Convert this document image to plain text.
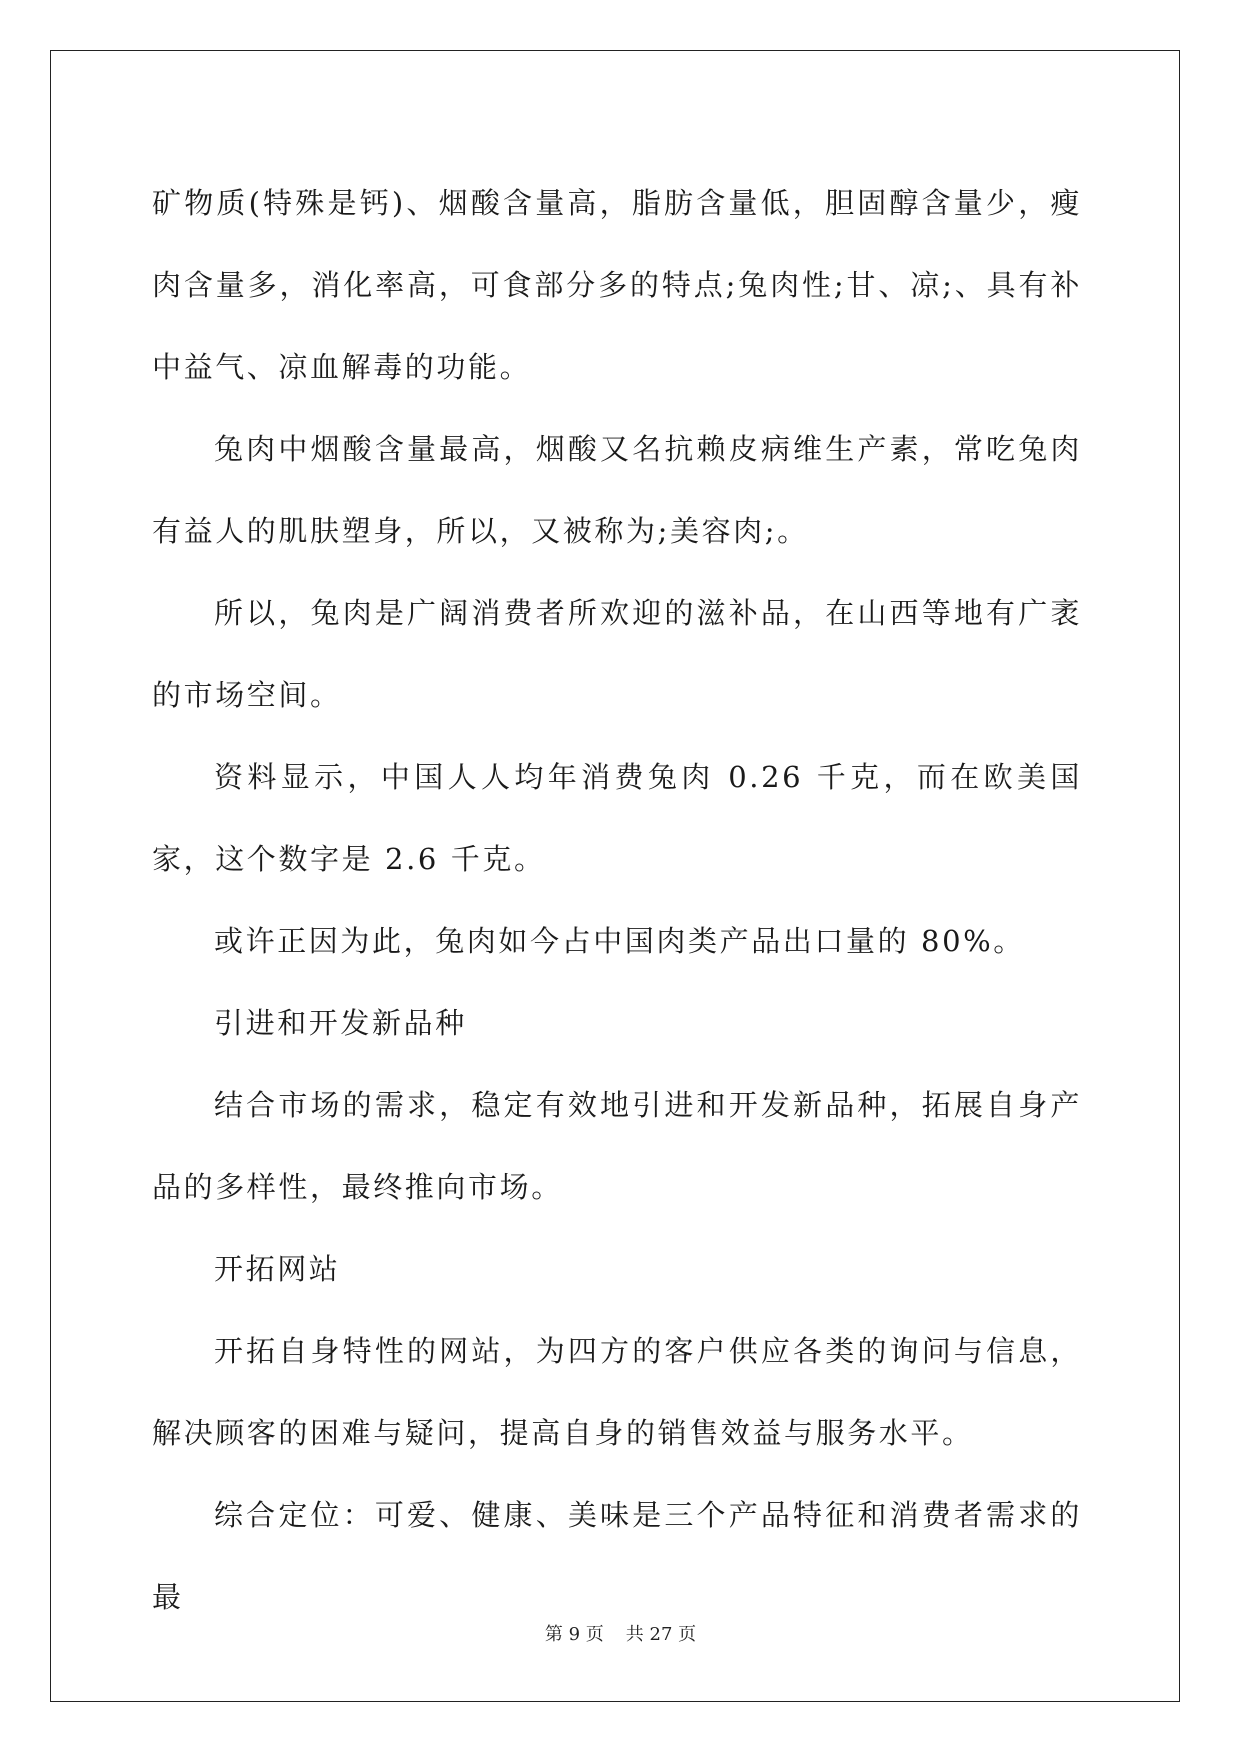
矿物质(特殊是钙)、烟酸含量高，脂肪含量低，胆固醇含量少，瘦肉含量多，消化率高，可食部分多的特点;兔肉性;甘、凉;、具有补中益气、凉血解毒的功能。

兔肉中烟酸含量最高，烟酸又名抗赖皮病维生产素，常吃兔肉有益人的肌肤塑身，所以，又被称为;美容肉;。

所以，兔肉是广阔消费者所欢迎的滋补品，在山西等地有广袤的市场空间。

资料显示，中国人人均年消费兔肉 0.26 千克，而在欧美国家，这个数字是 2.6 千克。

或许正因为此，兔肉如今占中国肉类产品出口量的 80%。

引进和开发新品种

结合市场的需求，稳定有效地引进和开发新品种，拓展自身产品的多样性，最终推向市场。

开拓网站

开拓自身特性的网站，为四方的客户供应各类的询问与信息， 解决顾客的困难与疑问，提高自身的销售效益与服务水平。

综合定位：可爱、健康、美味是三个产品特征和消费者需求的最

第 9 页 共 27 页
